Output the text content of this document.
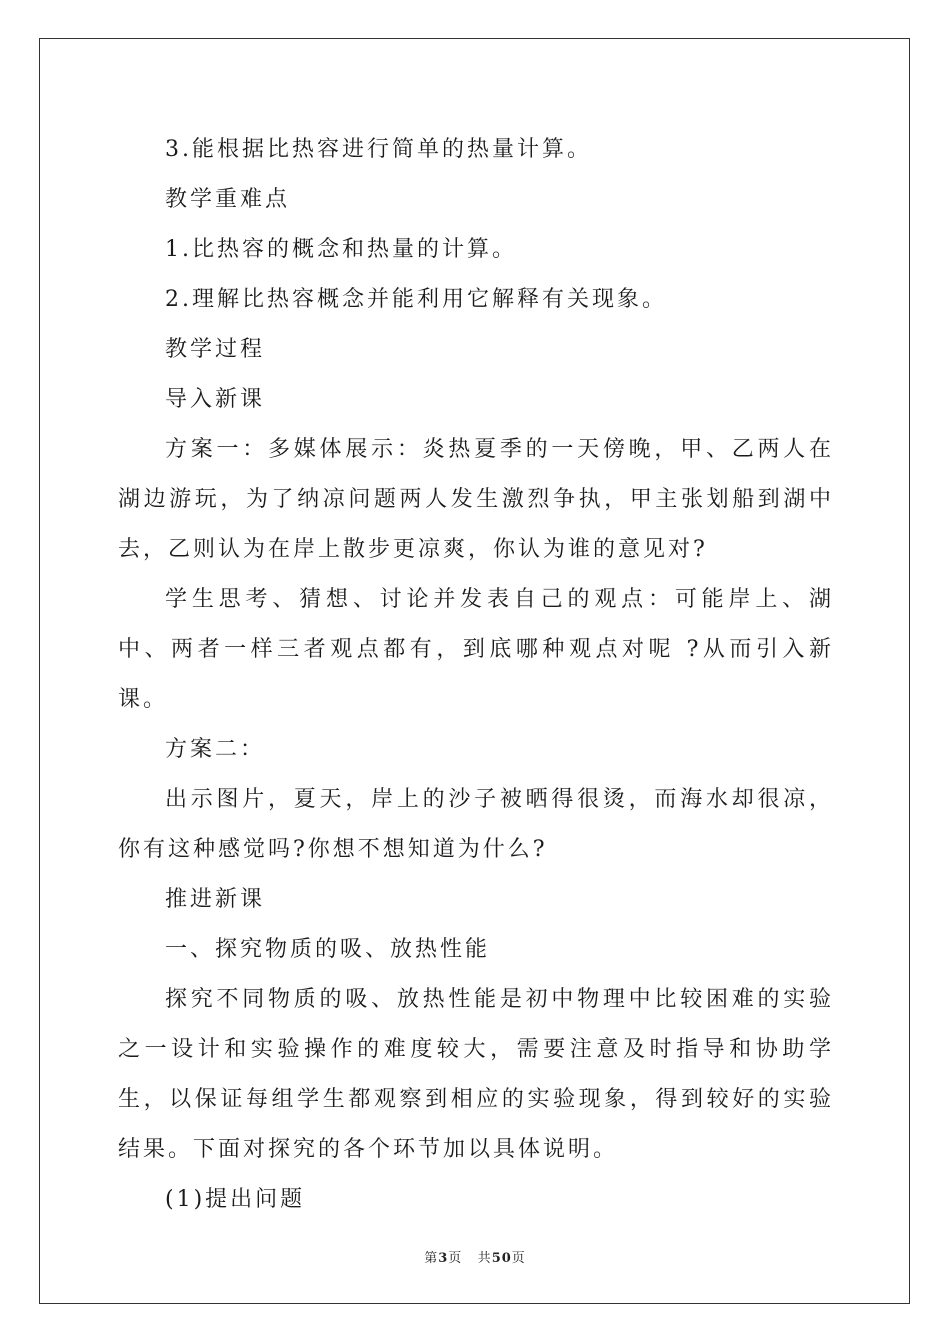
3.能根据比热容进行简单的热量计算。
教学重难点
1.比热容的概念和热量的计算。
2.理解比热容概念并能利用它解释有关现象。
教学过程
导入新课

方案一：多媒体展示：炎热夏季的一天傍晚，甲、乙两人在湖边游玩，为了纳凉问题两人发生激烈争执，甲主张划船到湖中去，乙则认为在岸上散步更凉爽，你认为谁的意见对?

学生思考、猜想、讨论并发表自己的观点：可能岸上、湖中、两者一样三者观点都有，到底哪种观点对呢 ?从而引入新课。

方案二：

出示图片，夏天，岸上的沙子被晒得很烫，而海水却很凉，你有这种感觉吗?你想不想知道为什么?

推进新课
一、探究物质的吸、放热性能

探究不同物质的吸、放热性能是初中物理中比较困难的实验之一设计和实验操作的难度较大，需要注意及时指导和协助学生，以保证每组学生都观察到相应的实验现象，得到较好的实验结果。下面对探究的各个环节加以具体说明。

(1)提出问题
第3页 共50页
